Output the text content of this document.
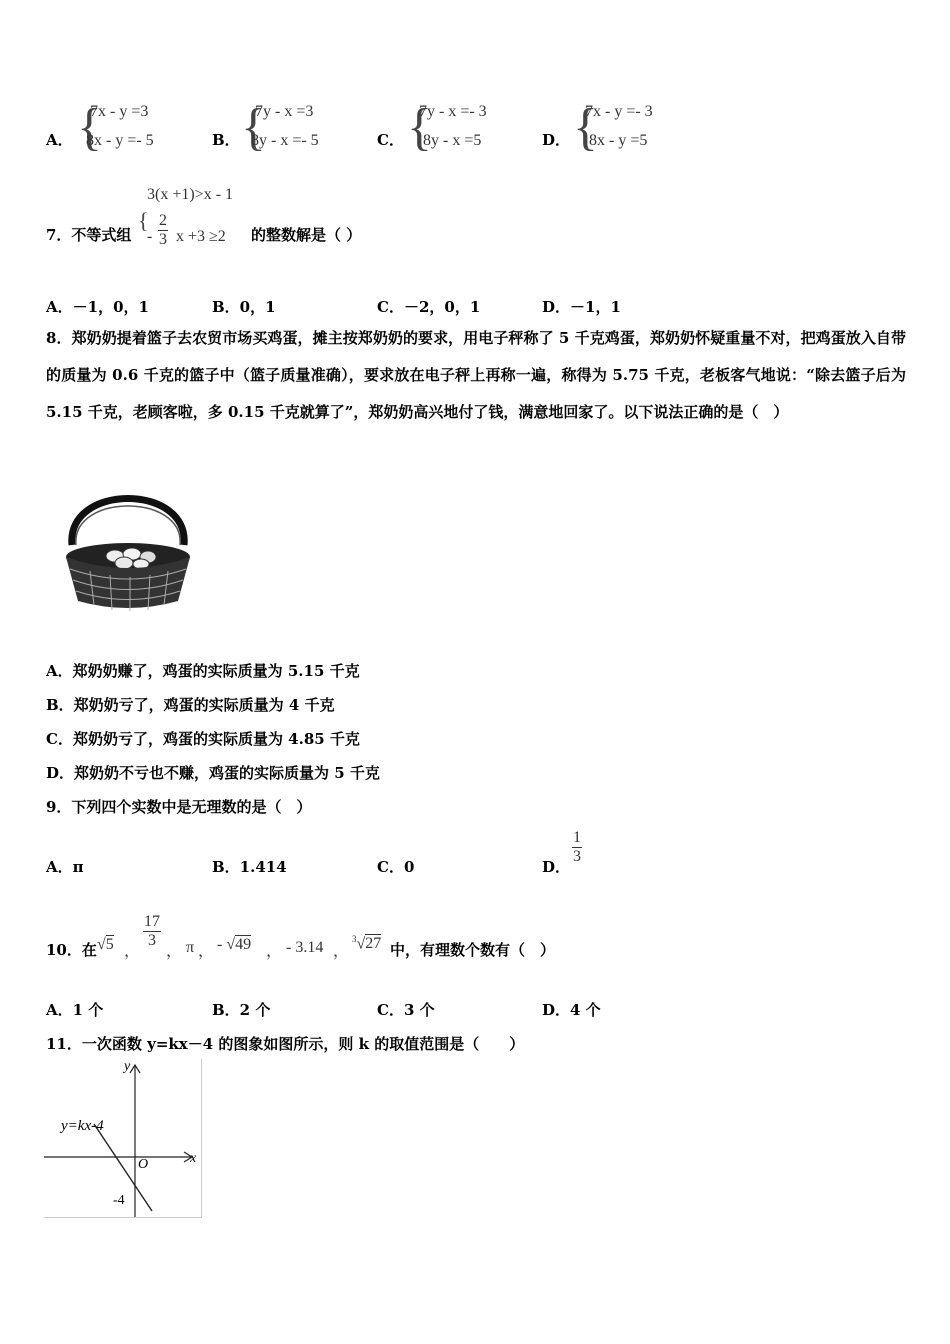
A． {
7x - y =3
8x - y =- 5	B． {
7y - x =3
8y - x =- 5	C． {
7y - x =- 3
8y - x =5	D． {
7x - y =- 3
8x - y =5
3(x +1)>x - 1
7．不等式组
{
- $\frac{2}{3}$ x +3 ≥2 的整数解是（ ）
A．－1，0，1	B．0，1	C．－2，0，1	D．－1，1
8．郑奶奶提着篮子去农贸市场买鸡蛋，摊主按郑奶奶的要求，用电子秤称了 5 千克鸡蛋，郑奶奶怀疑重量不对，把鸡蛋放入自带的质量为 0.6 千克的篮子中（篮子质量准确），要求放在电子秤上再称一遍，称得为 5.75 千克，老板客气地说：“除去篮子后为 5.15 千克，老顾客啦，多 0.15 千克就算了”，郑奶奶高兴地付了钱，满意地回家了。以下说法正确的是（　）
A．郑奶奶赚了，鸡蛋的实际质量为 5.15 千克
B．郑奶奶亏了，鸡蛋的实际质量为 4 千克
C．郑奶奶亏了，鸡蛋的实际质量为 4.85 千克
D．郑奶奶不亏也不赚，鸡蛋的实际质量为 5 千克
9．下列四个实数中是无理数的是（　）
A．π	B．1.414	C．0	D．
$\frac{1}{3}$
10．在 √5 ，
$\frac{17}{3}$
， π ， - √49 ， - 3.14 ，
$^3$√27 中，有理数个数有（　）
A．1 个	B．2 个	C．3 个	D．4 个
11．一次函数 y=kx－4 的图象如图所示，则 k 的取值范围是（　　）
y=kx-4
x
y
O
-4
